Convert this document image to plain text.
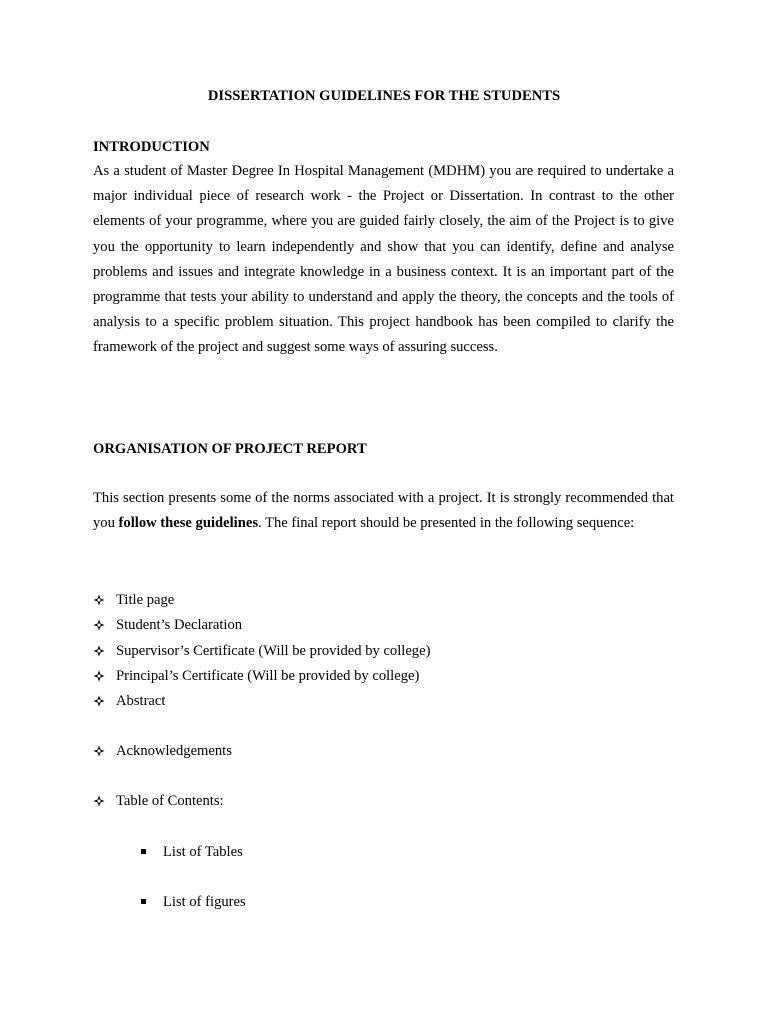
DISSERTATION GUIDELINES FOR THE STUDENTS
INTRODUCTION

As a student of Master Degree In Hospital Management (MDHM) you are required to undertake a major individual piece of research work - the Project or Dissertation. In contrast to the other elements of your programme, where you are guided fairly closely, the aim of the Project is to give you the opportunity to learn independently and show that you can identify, define and analyse problems and issues and integrate knowledge in a business context. It is an important part of the programme that tests your ability to understand and apply the theory, the concepts and the tools of analysis to a specific problem situation. This project handbook has been compiled to clarify the framework of the project and suggest some ways of assuring success.

ORGANISATION OF PROJECT REPORT

This section presents some of the norms associated with a project. It is strongly recommended that you follow these guidelines. The final report should be presented in the following sequence:

Title page
Student’s Declaration
Supervisor’s Certificate (Will be provided by college)
Principal’s Certificate (Will be provided by college)
Abstract
Acknowledgements
Table of Contents:
List of Tables
List of figures
